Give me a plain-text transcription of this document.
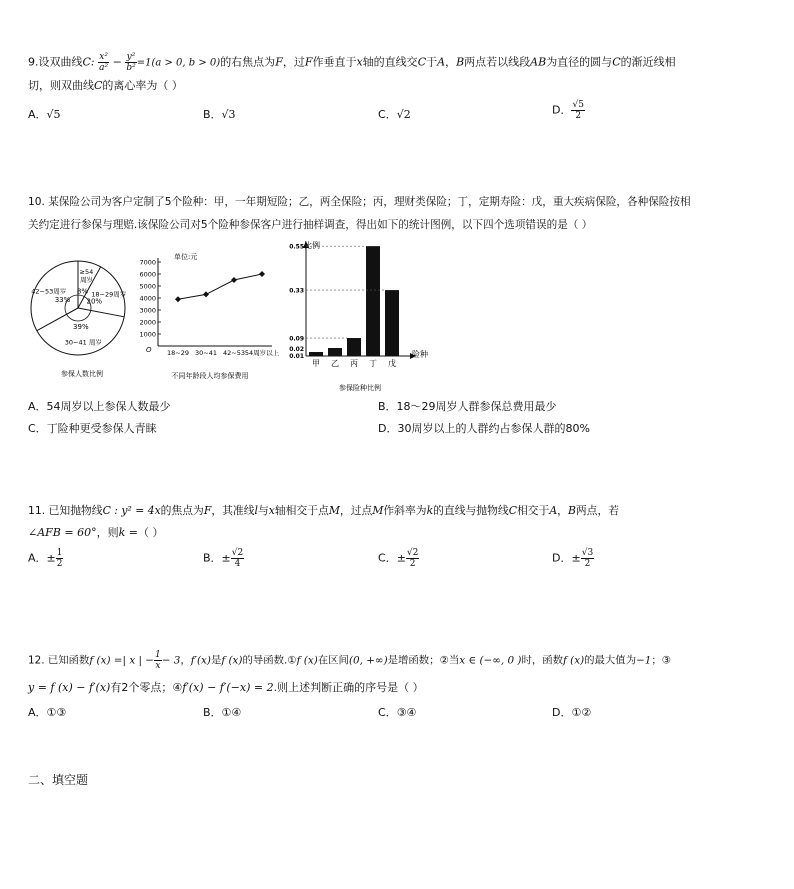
9.设双曲线C: $\frac{\text{x²}}{\text{a²}} - \frac{\text{y²}}{\text{b²}} =1(a > 0$, b > 0)的右焦点为F，过F作垂直于x轴的直线交C于A，B两点若以线段AB为直径的圆与C的渐近线相
切，则双曲线C的离心率为（ ）
A．√5	B．√3	C．√2	D． $\frac{√5}{2}$
10. 某保险公司为客户定制了5个险种：甲，一年期短险；乙，两全保险；丙，理财类保险；丁，定期寿险：戊，重大疾病保险，各种保险按相
关约定进行参保与理赔.该保险公司对5个险种参保客户进行抽样调查，得出如下的统计图例，以下四个选项错误的是（ ）
8%
≥54
周岁
20%
18~29周岁
39%
30~41 周岁
33%
42~53周岁
参保人数比例
1000
2000
3000
4000
5000
6000
7000
18~29 30~41 42~53 54周岁以上
单位:元
O
不同年龄段人均参保费用
甲 乙 丙 丁 戊
0.55
0.33
0.09
0.02
0.01
比例
险种
参保险种比例
A．54周岁以上参保人数最少	B．18～29周岁人群参保总费用最少
C．丁险种更受参保人青睐	D．30周岁以上的人群约占参保人群的80%
11. 已知抛物线C : y² = 4x的焦点为F，其准线l与x轴相交于点M，过点M作斜率为k的直线与抛物线C相交于A，B两点，若
∠AFB = 60°，则k =（ ）
A．± $\frac{1}{2}$	B．± $\frac{√2}{4}$	C．± $\frac{√2}{2}$	D．± $\frac{√3}{2}$
12. 已知函数f (x) =| x | − $\frac{1}{x} - 3$，f′(x)是f (x)的导函数.①f (x)在区间(0, +∞)是增函数；②当x ∈ (−∞, 0 )时，函数f (x)的最大值为−1；③
y = f (x) − f′(x)有2个零点；④f′(x) − f′(−x) = 2.则上述判断正确的序号是（ ）
A．①③	B．①④	C．③④	D．①②
二、填空题
